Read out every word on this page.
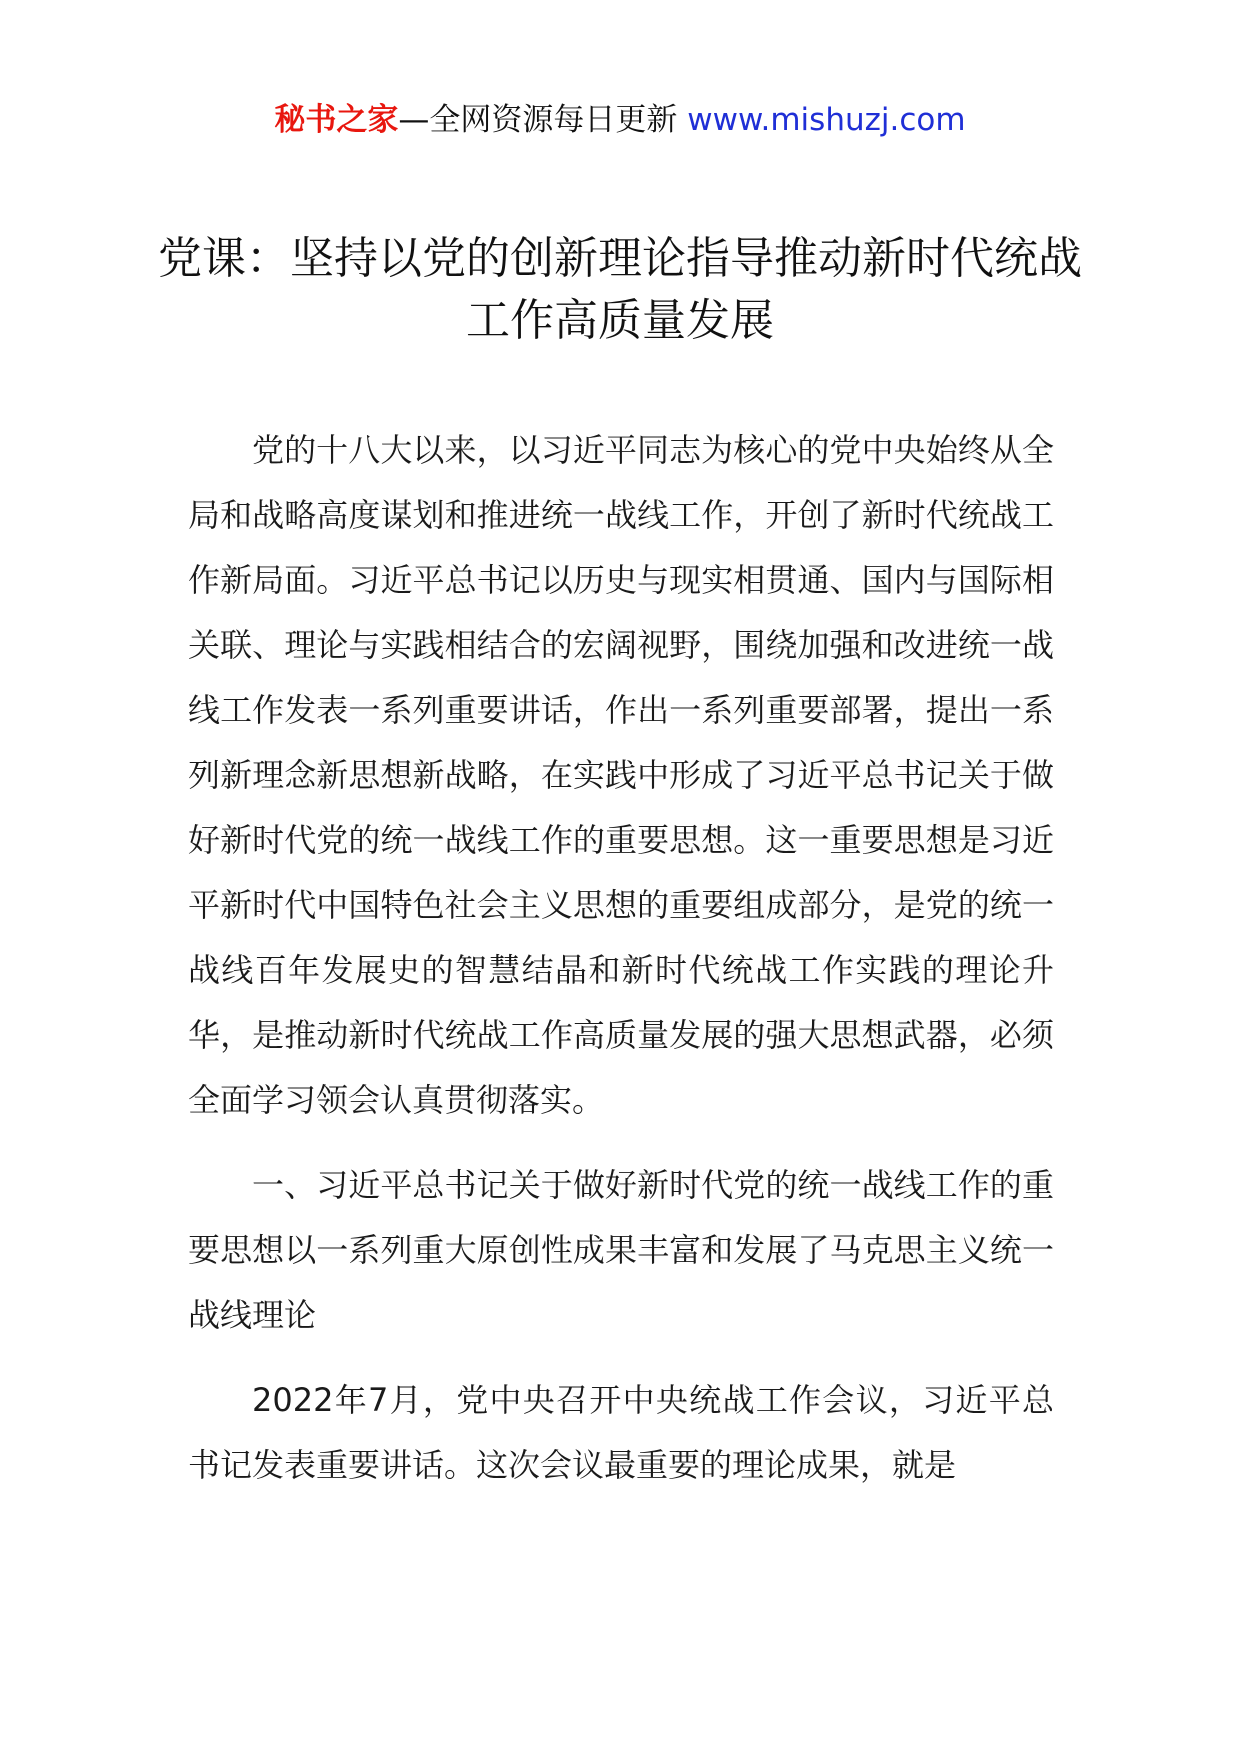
秘书之家—全网资源每日更新 www.mishuzj.com
党课：坚持以党的创新理论指导推动新时代统战工作高质量发展

党的十八大以来，以习近平同志为核心的党中央始终从全局和战略高度谋划和推进统一战线工作，开创了新时代统战工作新局面。习近平总书记以历史与现实相贯通、国内与国际相关联、理论与实践相结合的宏阔视野，围绕加强和改进统一战线工作发表一系列重要讲话，作出一系列重要部署，提出一系列新理念新思想新战略，在实践中形成了习近平总书记关于做好新时代党的统一战线工作的重要思想。这一重要思想是习近平新时代中国特色社会主义思想的重要组成部分，是党的统一战线百年发展史的智慧结晶和新时代统战工作实践的理论升华，是推动新时代统战工作高质量发展的强大思想武器，必须全面学习领会认真贯彻落实。

一、习近平总书记关于做好新时代党的统一战线工作的重要思想以一系列重大原创性成果丰富和发展了马克思主义统一战线理论

2022年7月，党中央召开中央统战工作会议，习近平总书记发表重要讲话。这次会议最重要的理论成果，就是
